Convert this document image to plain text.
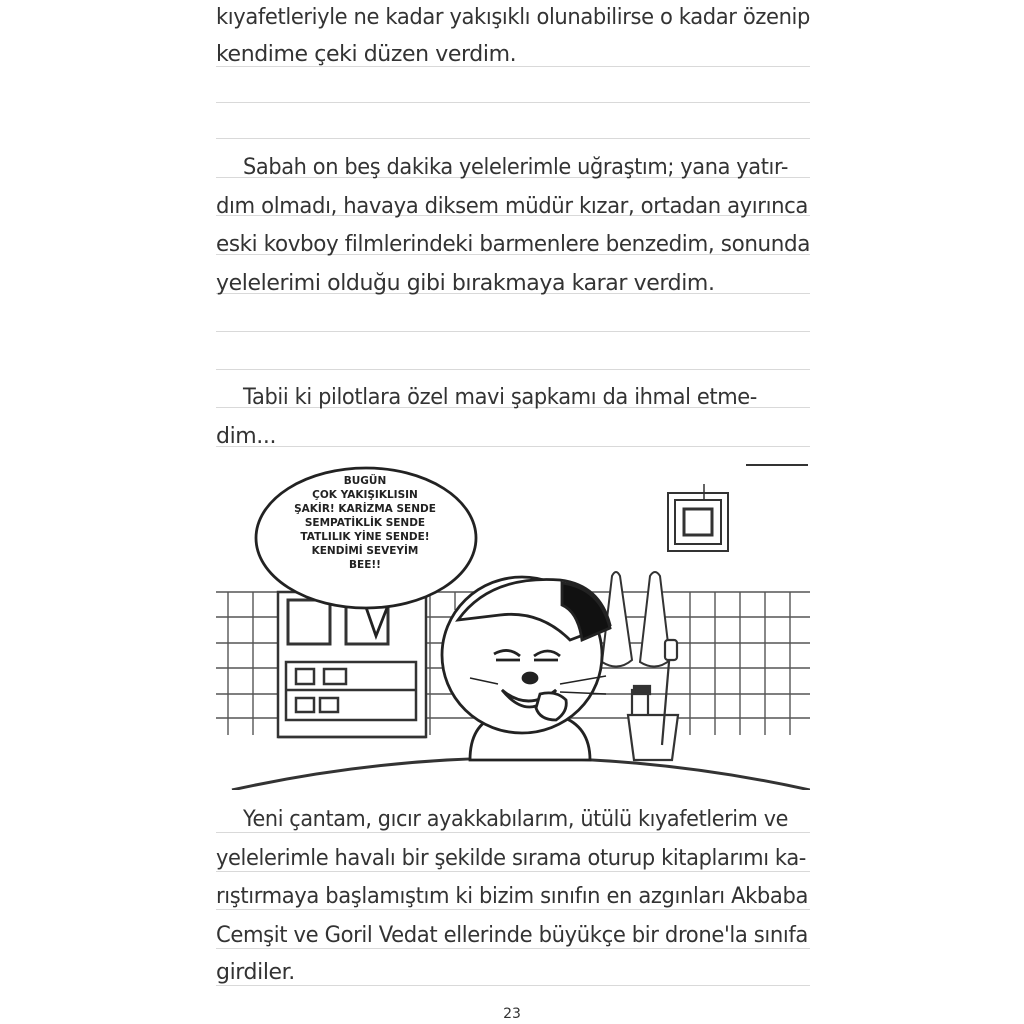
kıyafetleriyle ne kadar yakışıklı olunabilirse o kadar özenip
kendime çeki düzen verdim.
Sabah on beş dakika yelelerimle uğraştım; yana yatır-
dım olmadı, havaya diksem müdür kızar, ortadan ayırınca
eski kovboy filmlerindeki barmenlere benzedim, sonunda
yelelerimi olduğu gibi bırakmaya karar verdim.
Tabii ki pilotlara özel mavi şapkamı da ihmal etme-
dim...
BUGÜN
ÇOK YAKIŞIKLISIN
ŞAKİR! KARİZMA SENDE
SEMPATİKLİK SENDE
TATLILIK YİNE SENDE!
KENDİMİ SEVEYİM
BEE!!
Yeni çantam, gıcır ayakkabılarım, ütülü kıyafetlerim ve
yelelerimle havalı bir şekilde sırama oturup kitaplarımı ka-
rıştırmaya başlamıştım ki bizim sınıfın en azgınları Akbaba
Cemşit ve Goril Vedat ellerinde büyükçe bir drone'la sınıfa
girdiler.
23
